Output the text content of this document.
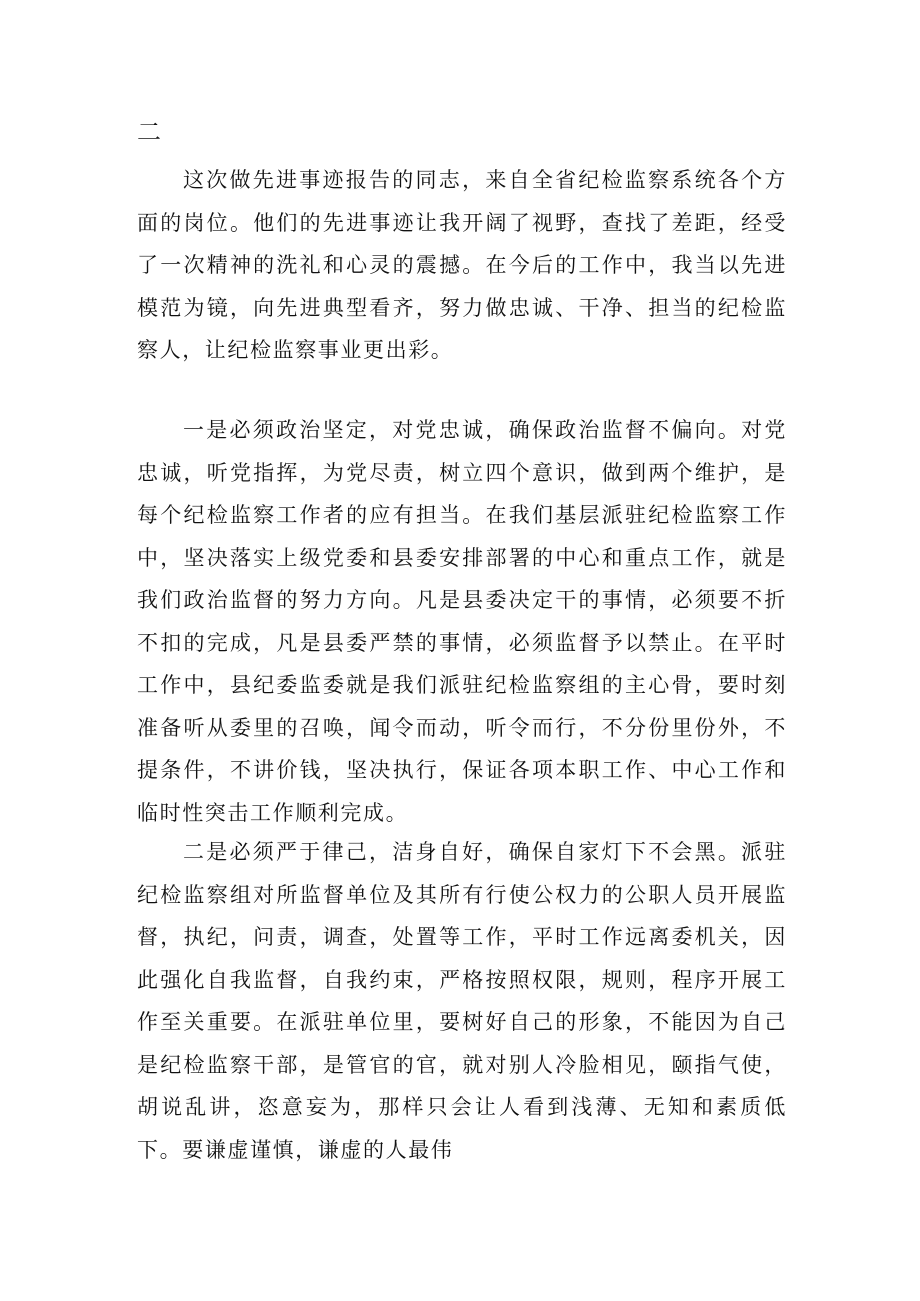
二

这次做先进事迹报告的同志，来自全省纪检监察系统各个方面的岗位。他们的先进事迹让我开阔了视野，查找了差距，经受了一次精神的洗礼和心灵的震撼。在今后的工作中，我当以先进模范为镜，向先进典型看齐，努力做忠诚、干净、担当的纪检监察人，让纪检监察事业更出彩。

一是必须政治坚定，对党忠诚，确保政治监督不偏向。对党忠诚，听党指挥，为党尽责，树立四个意识，做到两个维护，是每个纪检监察工作者的应有担当。在我们基层派驻纪检监察工作中，坚决落实上级党委和县委安排部署的中心和重点工作，就是我们政治监督的努力方向。凡是县委决定干的事情，必须要不折不扣的完成，凡是县委严禁的事情，必须监督予以禁止。在平时工作中，县纪委监委就是我们派驻纪检监察组的主心骨，要时刻准备听从委里的召唤，闻令而动，听令而行，不分份里份外，不提条件，不讲价钱，坚决执行，保证各项本职工作、中心工作和临时性突击工作顺利完成。

二是必须严于律己，洁身自好，确保自家灯下不会黑。派驻纪检监察组对所监督单位及其所有行使公权力的公职人员开展监督，执纪，问责，调查，处置等工作，平时工作远离委机关，因此强化自我监督，自我约束，严格按照权限，规则，程序开展工作至关重要。在派驻单位里，要树好自己的形象，不能因为自己是纪检监察干部，是管官的官，就对别人冷脸相见，颐指气使，胡说乱讲，恣意妄为，那样只会让人看到浅薄、无知和素质低下。要谦虚谨慎，谦虚的人最伟
